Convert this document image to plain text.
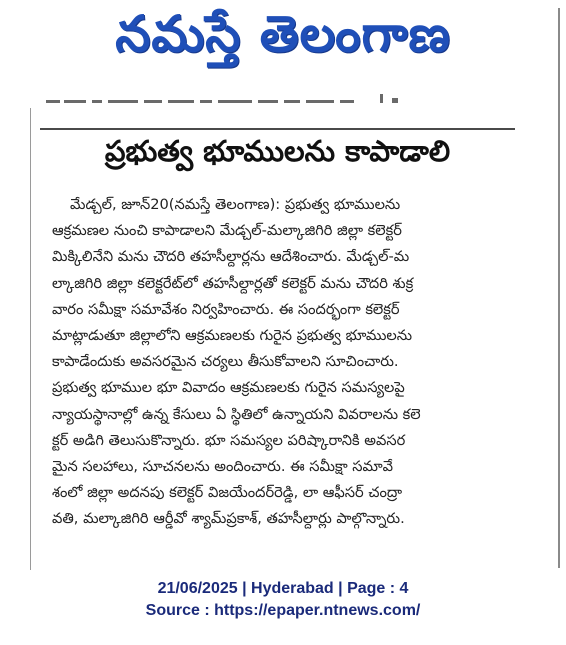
నమస్తే తెలంగాణ
ప్రభుత్వ భూములను కాపాడాలి
మేడ్చల్, జూన్20(నమస్తే తెలంగాణ): ప్రభుత్వ భూములను
ఆక్రమణల నుంచి కాపాడాలని మేడ్చల్-మల్కాజిగిరి జిల్లా కలెక్టర్
మిక్కిలినేని మను చౌదరి తహసీల్దార్లను ఆదేశించారు. మేడ్చల్-మ
ల్కాజిగిరి జిల్లా కలెక్టరేట్‌లో తహసీల్దార్లతో కలెక్టర్ మను చౌదరి శుక్ర
వారం సమీక్షా సమావేశం నిర్వహించారు. ఈ సందర్భంగా కలెక్టర్
మాట్లాడుతూ జిల్లాలోని ఆక్రమణలకు గురైన ప్రభుత్వ భూములను
కాపాడేందుకు అవసరమైన చర్యలు తీసుకోవాలని సూచించారు.
ప్రభుత్వ భూముల భూ వివాదం ఆక్రమణలకు గురైన సమస్యలపై
న్యాయస్థానాల్లో ఉన్న కేసులు ఏ స్థితిలో ఉన్నాయని వివరాలను కలె
క్టర్ అడిగి తెలుసుకొన్నారు. భూ సమస్యల పరిష్కారానికి అవసర
మైన సలహాలు, సూచనలను అందించారు. ఈ సమీక్షా సమావే
శంలో జిల్లా అదనపు కలెక్టర్ విజయేందర్‌రెడ్డి, లా ఆఫీసర్ చంద్రా
వతి, మల్కాజిగిరి ఆర్డీవో శ్యామ్‌ప్రకాశ్, తహసీల్దార్లు పాల్గొన్నారు.
21/06/2025 | Hyderabad | Page : 4
Source : https://epaper.ntnews.com/
